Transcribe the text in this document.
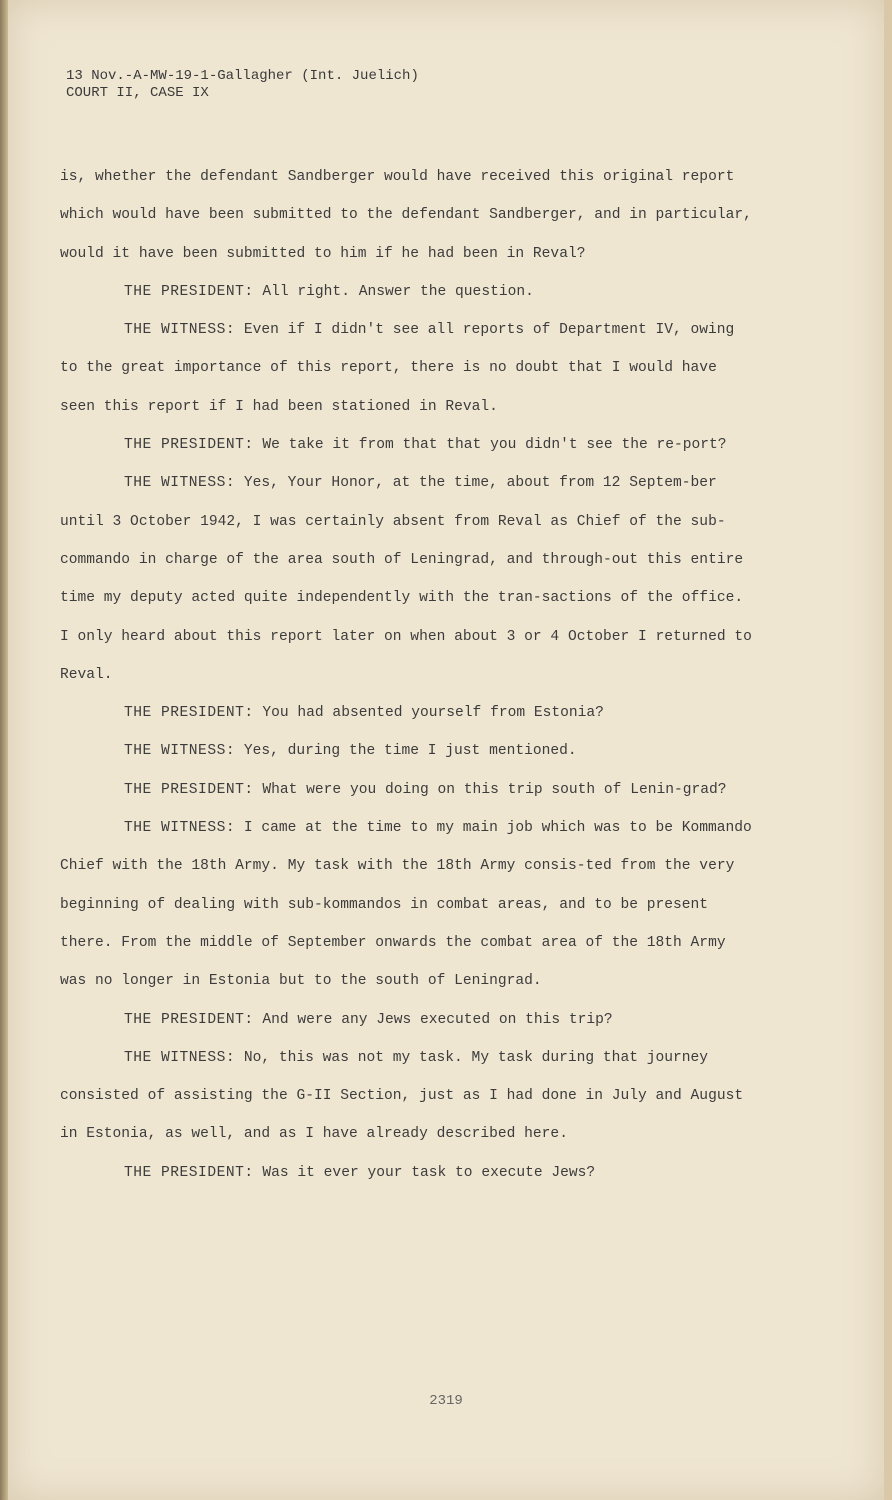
13 Nov.-A-MW-19-1-Gallagher (Int. Juelich)
COURT II, CASE IX

is, whether the defendant Sandberger would have received this original report which would have been submitted to the defendant Sandberger, and in particular, would it have been submitted to him if he had been in Reval?

THE PRESIDENT: All right. Answer the question.

THE WITNESS: Even if I didn't see all reports of Department IV, owing to the great importance of this report, there is no doubt that I would have seen this report if I had been stationed in Reval.

THE PRESIDENT: We take it from that that you didn't see the re-port?

THE WITNESS: Yes, Your Honor, at the time, about from 12 Septem-ber until 3 October 1942, I was certainly absent from Reval as Chief of the sub-commando in charge of the area south of Leningrad, and through-out this entire time my deputy acted quite independently with the tran-sactions of the office. I only heard about this report later on when about 3 or 4 October I returned to Reval.

THE PRESIDENT: You had absented yourself from Estonia?

THE WITNESS: Yes, during the time I just mentioned.

THE PRESIDENT: What were you doing on this trip south of Lenin-grad?

THE WITNESS: I came at the time to my main job which was to be Kommando Chief with the 18th Army. My task with the 18th Army consis-ted from the very beginning of dealing with sub-kommandos in combat areas, and to be present there. From the middle of September onwards the combat area of the 18th Army was no longer in Estonia but to the south of Leningrad.

THE PRESIDENT: And were any Jews executed on this trip?

THE WITNESS: No, this was not my task. My task during that journey consisted of assisting the G-II Section, just as I had done in July and August in Estonia, as well, and as I have already described here.

THE PRESIDENT: Was it ever your task to execute Jews?

2319
